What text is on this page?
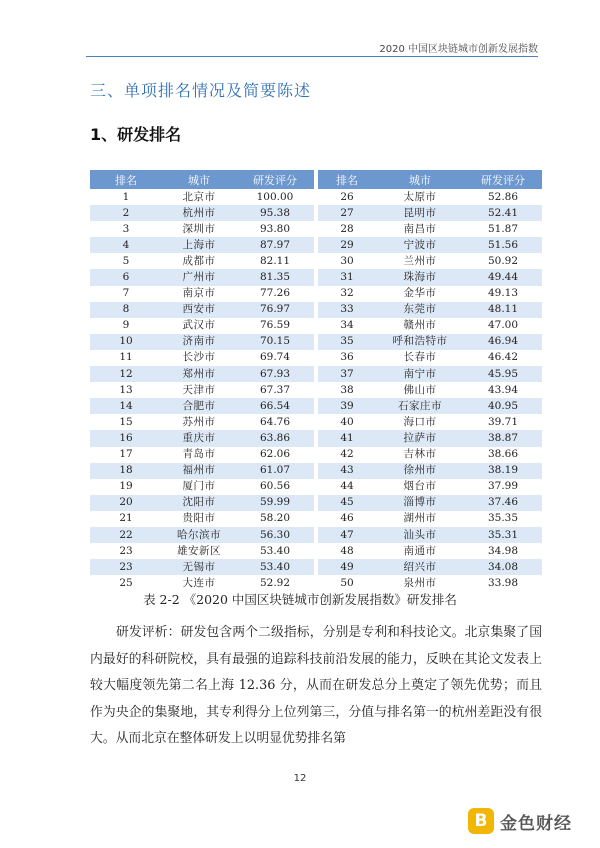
2020 中国区块链城市创新发展指数
三、单项排名情况及简要陈述
1、研发排名
排名	城市	研发评分
1	北京市	100.00
2	杭州市	95.38
3	深圳市	93.80
4	上海市	87.97
5	成都市	82.11
6	广州市	81.35
7	南京市	77.26
8	西安市	76.97
9	武汉市	76.59
10	济南市	70.15
11	长沙市	69.74
12	郑州市	67.93
13	天津市	67.37
14	合肥市	66.54
15	苏州市	64.76
16	重庆市	63.86
17	青岛市	62.06
18	福州市	61.07
19	厦门市	60.56
20	沈阳市	59.99
21	贵阳市	58.20
22	哈尔滨市	56.30
23	雄安新区	53.40
23	无锡市	53.40
25	大连市	52.92
排名	城市	研发评分
26	太原市	52.86
27	昆明市	52.41
28	南昌市	51.87
29	宁波市	51.56
30	兰州市	50.92
31	珠海市	49.44
32	金华市	49.13
33	东莞市	48.11
34	赣州市	47.00
35	呼和浩特市	46.94
36	长春市	46.42
37	南宁市	45.95
38	佛山市	43.94
39	石家庄市	40.95
40	海口市	39.71
41	拉萨市	38.87
42	吉林市	38.66
43	徐州市	38.19
44	烟台市	37.99
45	淄博市	37.46
46	湖州市	35.35
47	汕头市	35.31
48	南通市	34.98
49	绍兴市	34.08
50	泉州市	33.98
表 2-2 《2020 中国区块链城市创新发展指数》研发排名

研发评析：研发包含两个二级指标，分别是专利和科技论文。北京集聚了国内最好的科研院校，具有最强的追踪科技前沿发展的能力，反映在其论文发表上较大幅度领先第二名上海 12.36 分，从而在研发总分上奠定了领先优势；而且作为央企的集聚地，其专利得分上位列第三，分值与排名第一的杭州差距没有很大。从而北京在整体研发上以明显优势排名第

12
B 金色财经
